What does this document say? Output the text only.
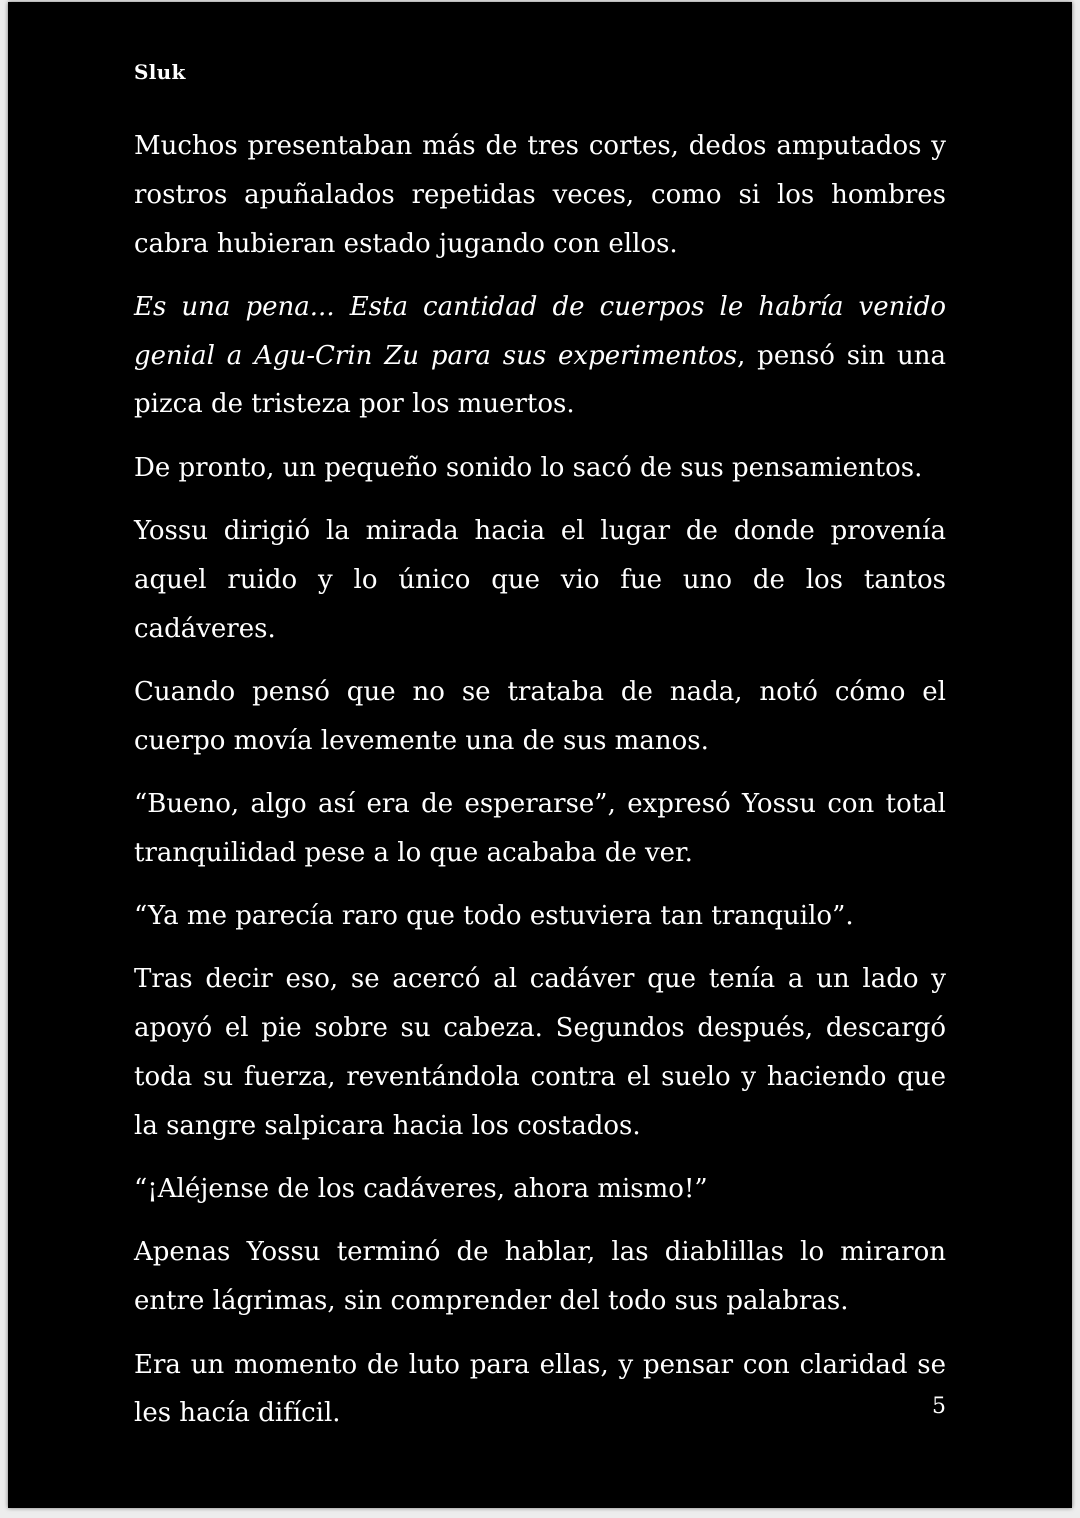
Sluk

Muchos presentaban más de tres cortes, dedos amputados y rostros apuñalados repetidas veces, como si los hombres cabra hubieran estado jugando con ellos.

Es una pena... Esta cantidad de cuerpos le habría venido genial a Agu-Crin Zu para sus experimentos, pensó sin una pizca de tristeza por los muertos.

De pronto, un pequeño sonido lo sacó de sus pensamientos.

Yossu dirigió la mirada hacia el lugar de donde provenía aquel ruido y lo único que vio fue uno de los tantos cadáveres.

Cuando pensó que no se trataba de nada, notó cómo el cuerpo movía levemente una de sus manos.

“Bueno, algo así era de esperarse”, expresó Yossu con total tranquilidad pese a lo que acababa de ver.

“Ya me parecía raro que todo estuviera tan tranquilo”.

Tras decir eso, se acercó al cadáver que tenía a un lado y apoyó el pie sobre su cabeza. Segundos después, descargó toda su fuerza, reventándola contra el suelo y haciendo que la sangre salpicara hacia los costados.

“¡Aléjense de los cadáveres, ahora mismo!”

Apenas Yossu terminó de hablar, las diablillas lo miraron entre lágrimas, sin comprender del todo sus palabras.

Era un momento de luto para ellas, y pensar con claridad se les hacía difícil.	5
